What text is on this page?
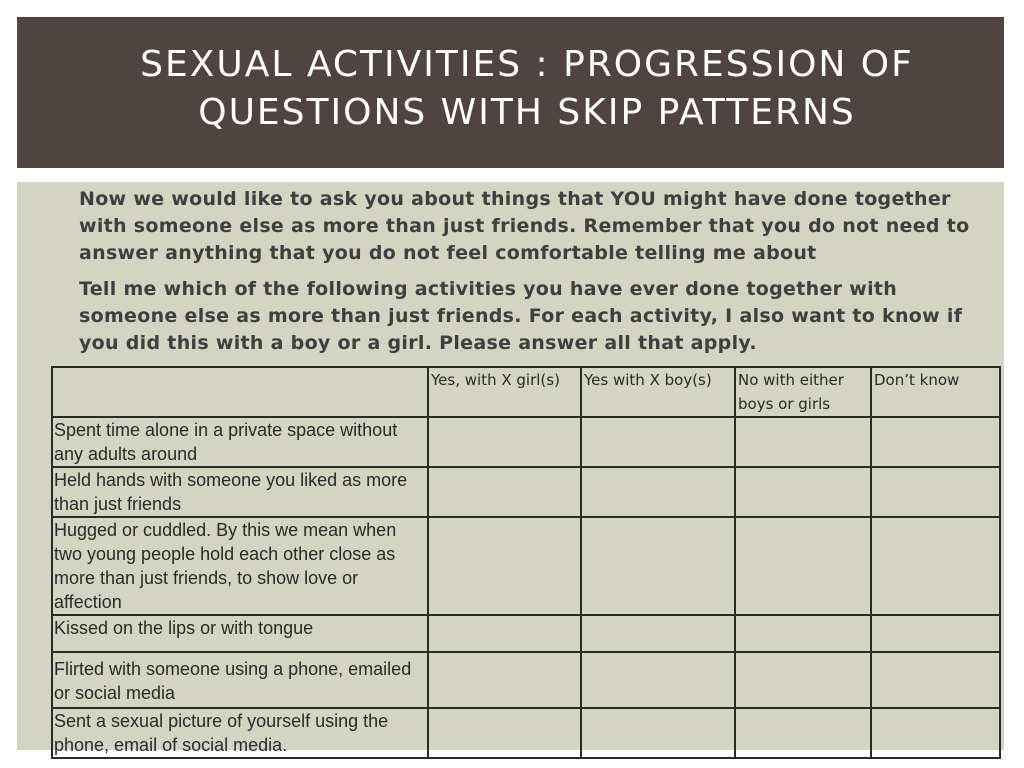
SEXUAL ACTIVITIES : PROGRESSION OF QUESTIONS WITH SKIP PATTERNS

Now we would like to ask you about things that YOU might have done together with someone else as more than just friends. Remember that you do not need to answer anything that you do not feel comfortable telling me about

Tell me which of the following activities you have ever done together with someone else as more than just friends. For each activity, I also want to know if you did this with a boy or a girl. Please answer all that apply.

	Yes, with X girl(s)	Yes with X boy(s)	No with either boys or girls	Don’t know
Spent time alone in a private space without any adults around				
Held hands with someone you liked as more than just friends				
Hugged or cuddled. By this we mean when two young people hold each other close as more than just friends, to show love or affection				
Kissed on the lips or with tongue				
Flirted with someone using a phone, emailed or social media				
Sent a sexual picture of yourself using the phone, email of social media.				
